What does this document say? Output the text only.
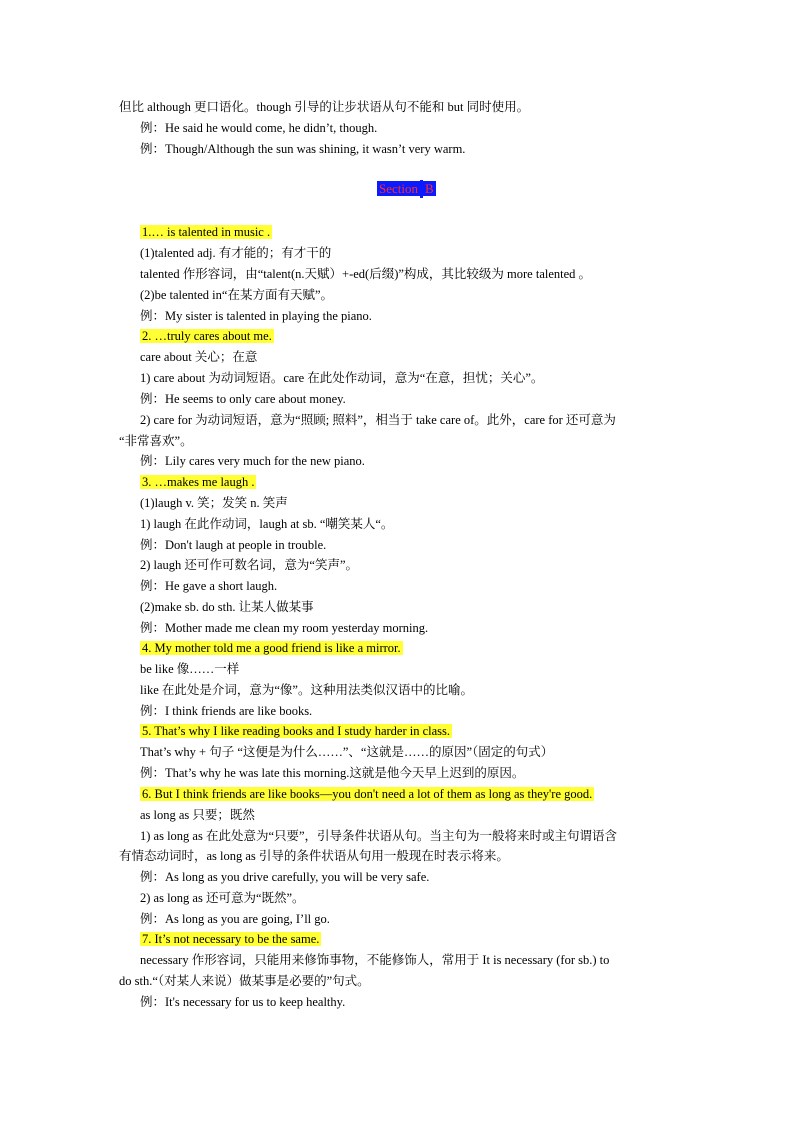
但比 although 更口语化。though 引导的让步状语从句不能和 but 同时使用。
例：He said he would come, he didn’t, though.
例：Though/Although the sun was shining, it wasn’t very warm.
Section B
1.… is talented in music .
(1)talented adj. 有才能的；有才干的
talented 作形容词，由“talent(n.天赋）+-ed(后缀)”构成，其比较级为 more talented 。
(2)be talented in“在某方面有天赋”。
例：My sister is talented in playing the piano.
2. …truly cares about me.
care about 关心；在意
1) care about 为动词短语。care 在此处作动词，意为“在意，担忧；关心”。
例：He seems to only care about money.
2) care for 为动词短语，意为“照顾; 照料”，相当于 take care of。此外，care for 还可意为
“非常喜欢”。
例：Lily cares very much for the new piano.
3. …makes me laugh .
(1)laugh v. 笑；发笑 n. 笑声
1) laugh 在此作动词，laugh at sb. “嘲笑某人“。
例：Don't laugh at people in trouble.
2) laugh 还可作可数名词，意为“笑声”。
例：He gave a short laugh.
(2)make sb. do sth. 让某人做某事
例：Mother made me clean my room yesterday morning.
4. My mother told me a good friend is like a mirror.
be like 像……一样
like 在此处是介词，意为“像”。这种用法类似汉语中的比喻。
例：I think friends are like books.
5. That’s why I like reading books and I study harder in class.
That’s why + 句子 “这便是为什么……”、“这就是……的原因”（固定的句式）
例：That’s why he was late this morning.这就是他今天早上迟到的原因。
6. But I think friends are like books—you don't need a lot of them as long as they're good.
as long as 只要；既然
1) as long as 在此处意为“只要”，引导条件状语从句。当主句为一般将来时或主句谓语含
有情态动词时，as long as 引导的条件状语从句用一般现在时表示将来。
例：As long as you drive carefully, you will be very safe.
2) as long as 还可意为“既然”。
例：As long as you are going, I’ll go.
7. It’s not necessary to be the same.
necessary 作形容词，只能用来修饰事物，不能修饰人，常用于 It is necessary (for sb.) to
do sth.“（对某人来说）做某事是必要的”句式。
例：It's necessary for us to keep healthy.
